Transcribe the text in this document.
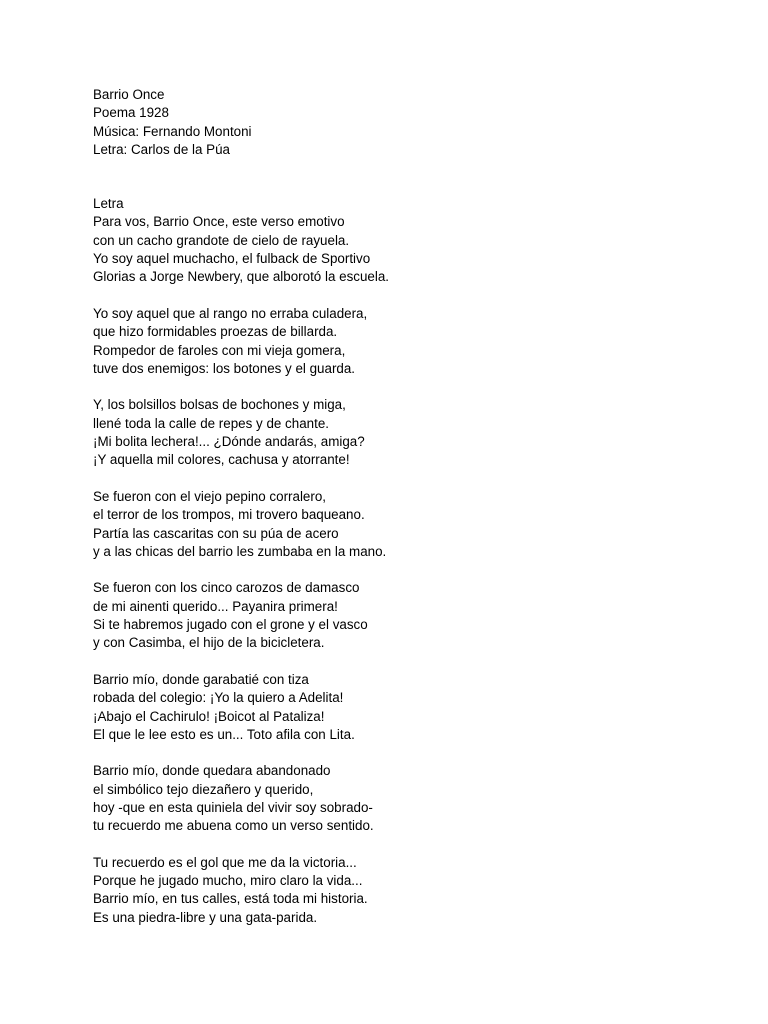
Barrio Once
Poema 1928
Música: Fernando Montoni
Letra: Carlos de la Púa
Letra
Para vos, Barrio Once, este verso emotivo
con un cacho grandote de cielo de rayuela.
Yo soy aquel muchacho, el fulback de Sportivo
Glorias a Jorge Newbery, que alborotó la escuela.
Yo soy aquel que al rango no erraba culadera,
que hizo formidables proezas de billarda.
Rompedor de faroles con mi vieja gomera,
tuve dos enemigos: los botones y el guarda.
Y, los bolsillos bolsas de bochones y miga,
llené toda la calle de repes y de chante.
¡Mi bolita lechera!... ¿Dónde andarás, amiga?
¡Y aquella mil colores, cachusa y atorrante!
Se fueron con el viejo pepino corralero,
el terror de los trompos, mi trovero baqueano.
Partía las cascaritas con su púa de acero
y a las chicas del barrio les zumbaba en la mano.
Se fueron con los cinco carozos de damasco
de mi ainenti querido... Payanira primera!
Si te habremos jugado con el grone y el vasco
y con Casimba, el hijo de la bicicletera.
Barrio mío, donde garabatié con tiza
robada del colegio: ¡Yo la quiero a Adelita!
¡Abajo el Cachirulo! ¡Boicot al Pataliza!
El que le lee esto es un... Toto afila con Lita.
Barrio mío, donde quedara abandonado
el simbólico tejo diezañero y querido,
hoy -que en esta quiniela del vivir soy sobrado-
tu recuerdo me abuena como un verso sentido.
Tu recuerdo es el gol que me da la victoria...
Porque he jugado mucho, miro claro la vida...
Barrio mío, en tus calles, está toda mi historia.
Es una piedra-libre y una gata-parida.
